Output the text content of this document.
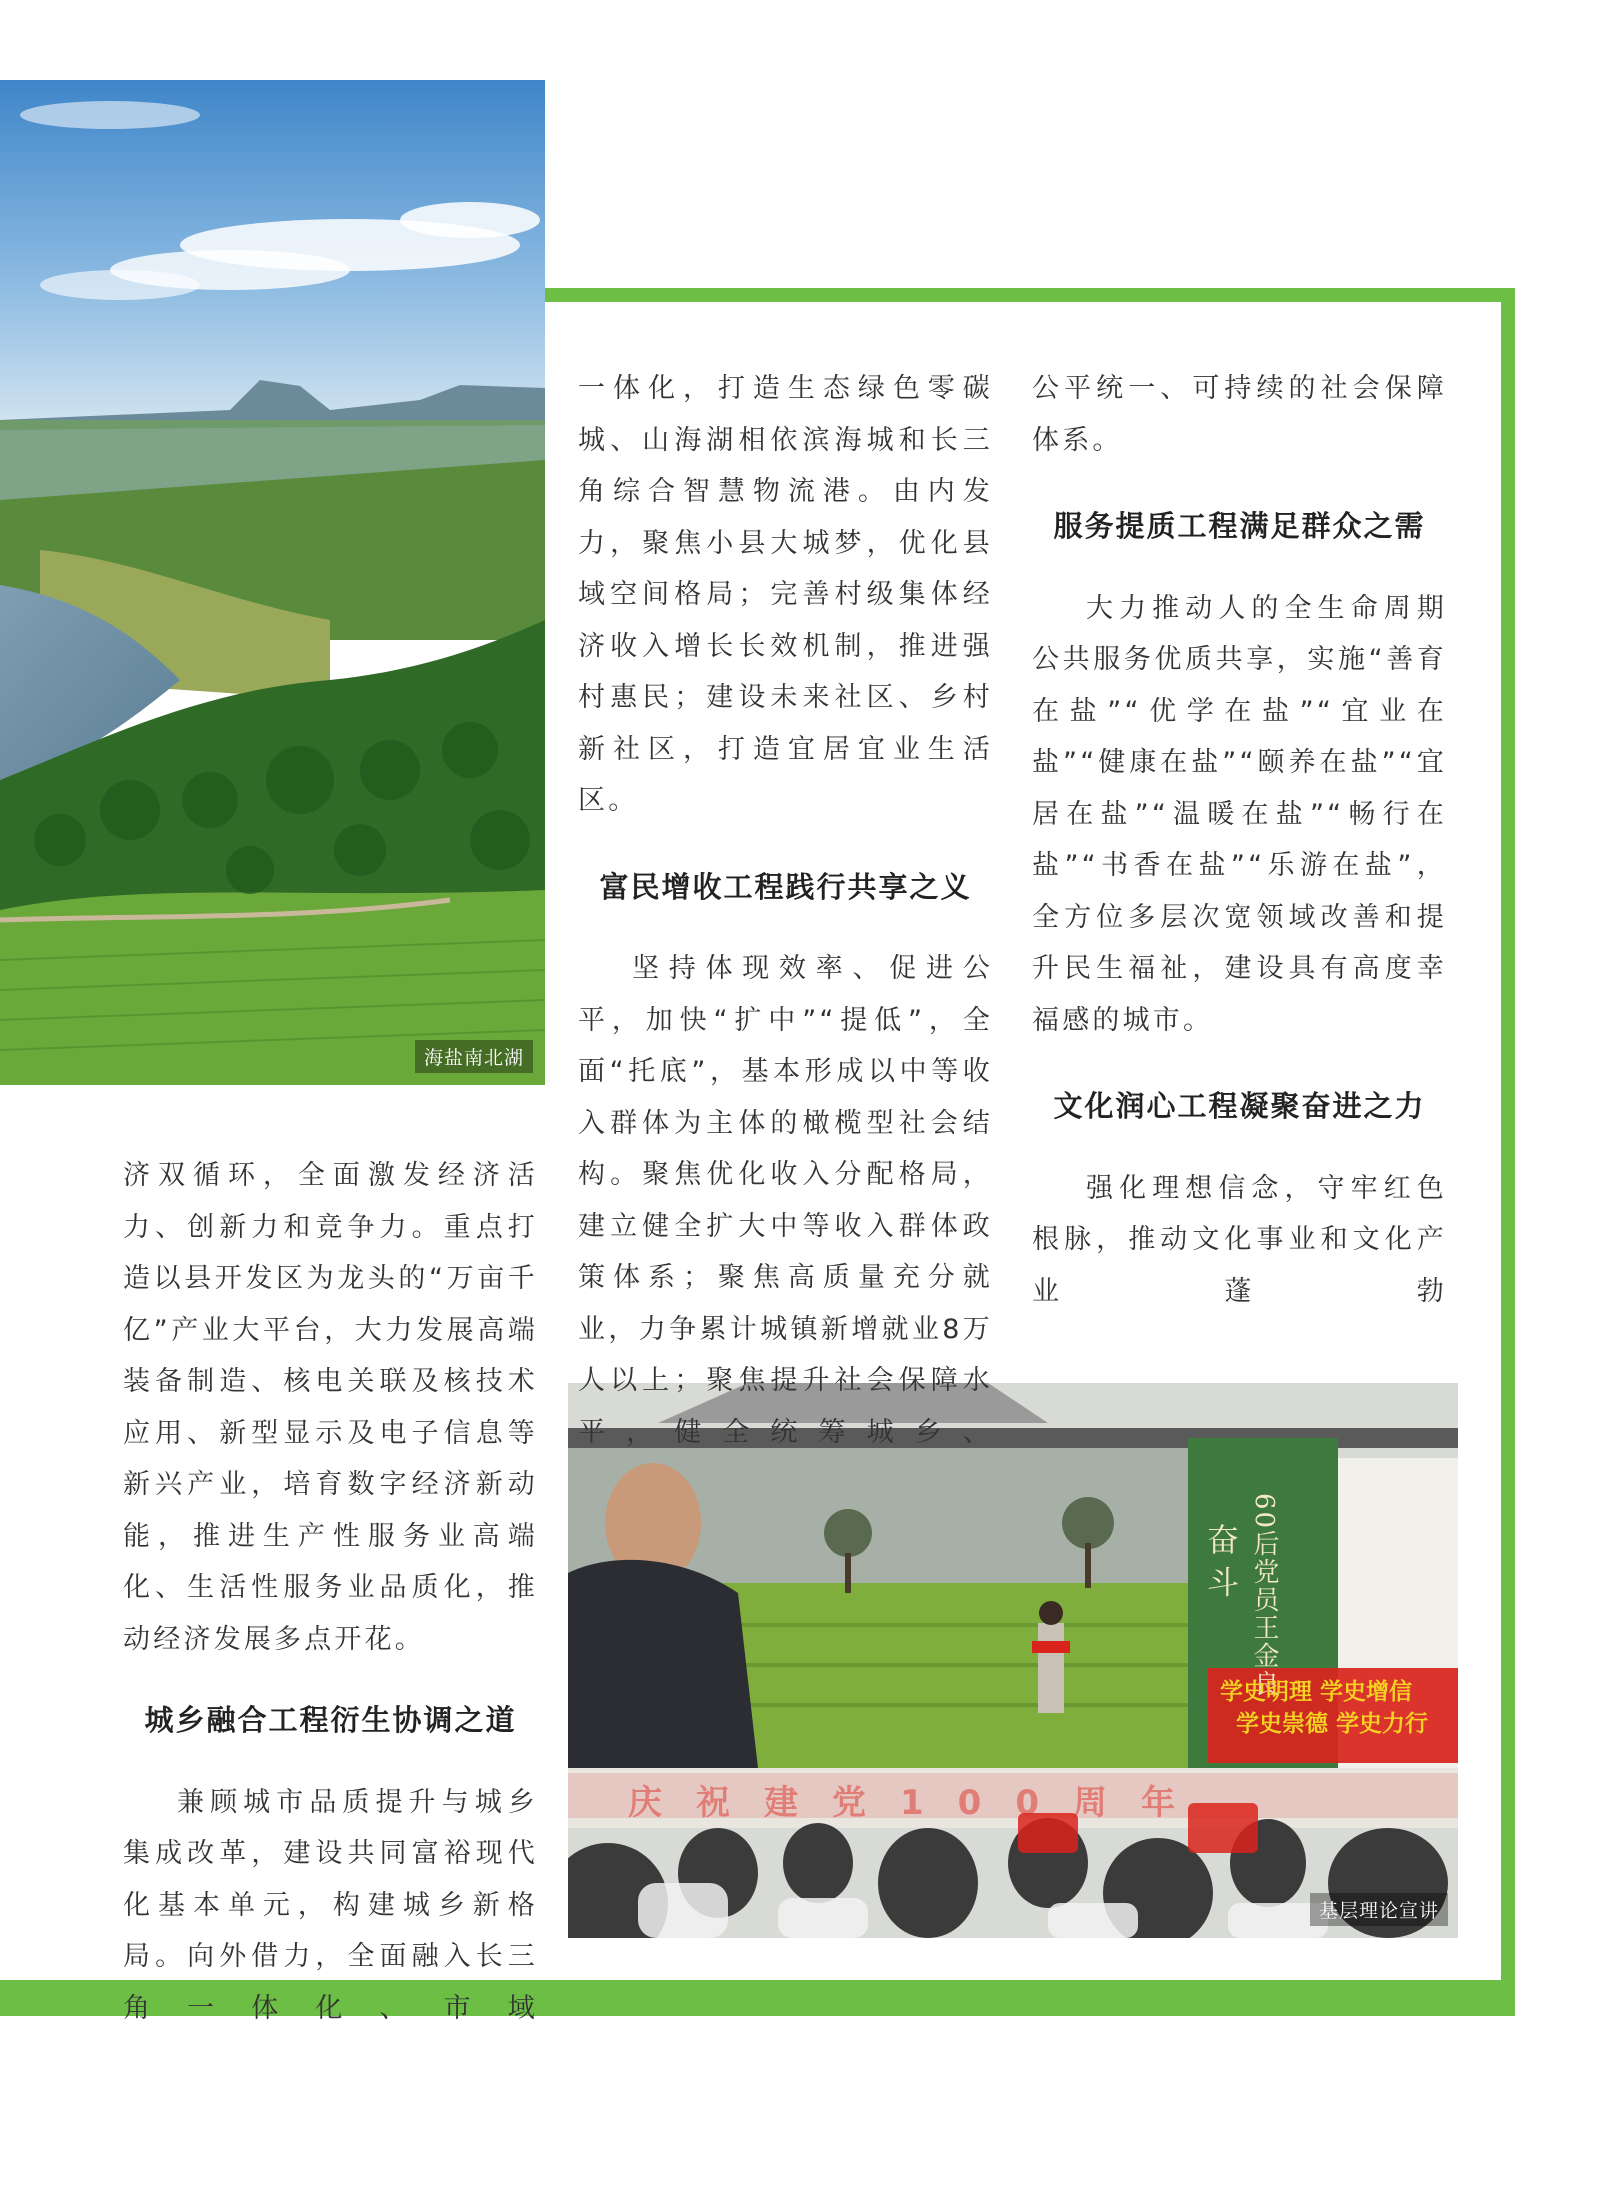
海盐南北湖
60后党员王金良
奋 斗
学史明理 学史增信
学史崇德 学史力行
庆祝建党100周年
基层理论宣讲

济双循环，全面激发经济活力、创新力和竞争力。重点打造以县开发区为龙头的“万亩千亿”产业大平台，大力发展高端装备制造、核电关联及核技术应用、新型显示及电子信息等新兴产业，培育数字经济新动能，推进生产性服务业高端化、生活性服务业品质化，推动经济发展多点开花。

城乡融合工程衍生协调之道

兼顾城市品质提升与城乡集成改革，建设共同富裕现代化基本单元，构建城乡新格局。向外借力，全面融入长三角一体化、市域

一体化，打造生态绿色零碳城、山海湖相依滨海城和长三角综合智慧物流港。由内发力，聚焦小县大城梦，优化县域空间格局；完善村级集体经济收入增长长效机制，推进强村惠民；建设未来社区、乡村新社区，打造宜居宜业生活区。

富民增收工程践行共享之义

坚持体现效率、促进公平，加快“扩中”“提低”，全面“托底”，基本形成以中等收入群体为主体的橄榄型社会结构。聚焦优化收入分配格局，建立健全扩大中等收入群体政策体系；聚焦高质量充分就业，力争累计城镇新增就业8万人以上；聚焦提升社会保障水平，健全统筹城乡、

公平统一、可持续的社会保障体系。

服务提质工程满足群众之需

大力推动人的全生命周期公共服务优质共享，实施“善育在盐”“优学在盐”“宜业在盐”“健康在盐”“颐养在盐”“宜居在盐”“温暖在盐”“畅行在盐”“书香在盐”“乐游在盐”，全方位多层次宽领域改善和提升民生福祉，建设具有高度幸福感的城市。

文化润心工程凝聚奋进之力

强化理想信念，守牢红色根脉，推动文化事业和文化产业蓬勃
